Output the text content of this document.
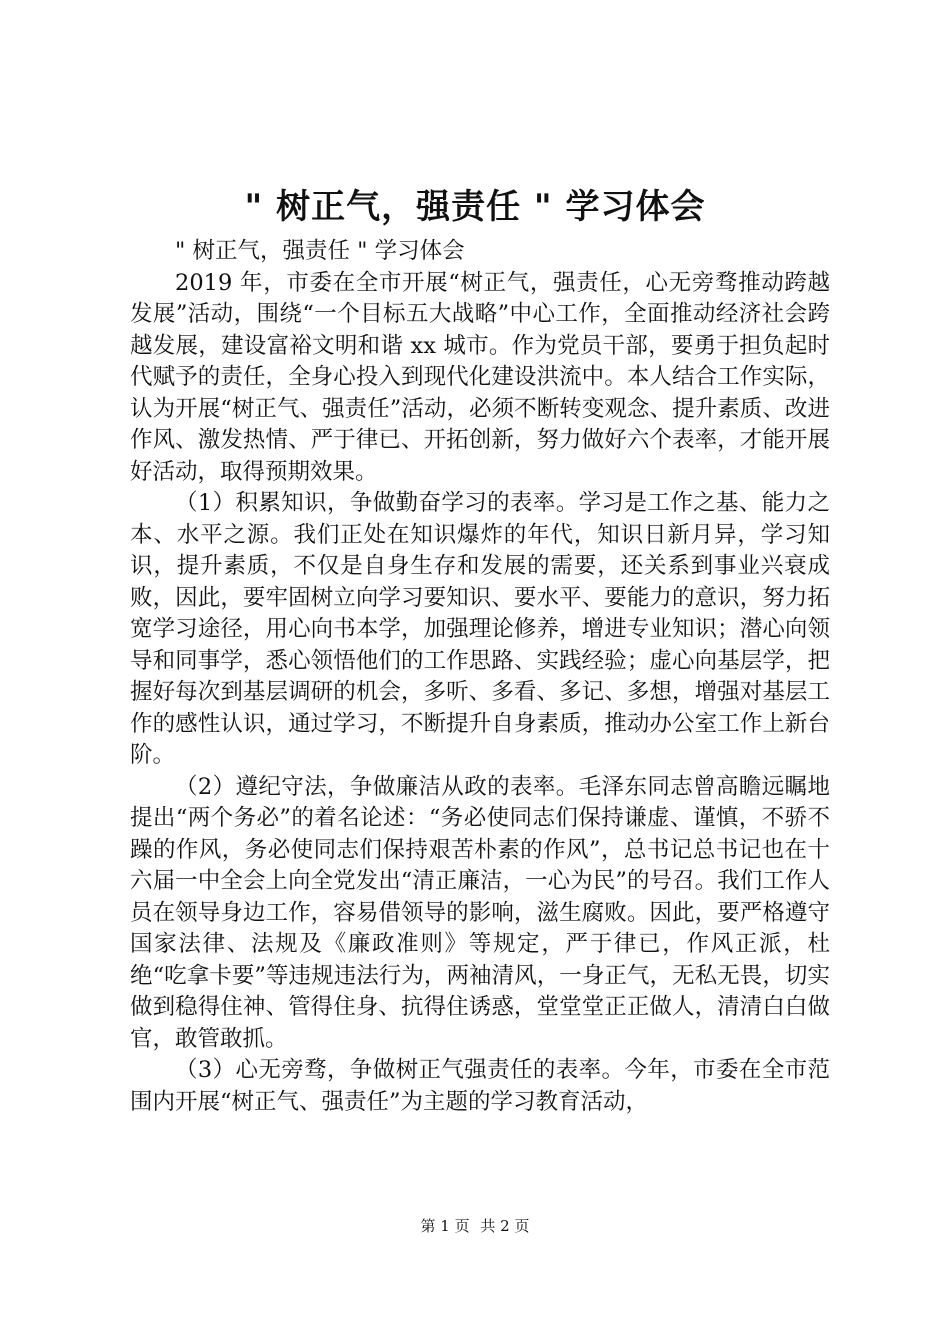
" 树正气，强责任 " 学习体会

" 树正气，强责任 " 学习体会

2019 年，市委在全市开展“树正气，强责任，心无旁骛推动跨越发展”活动，围绕“一个目标五大战略”中心工作，全面推动经济社会跨越发展，建设富裕文明和谐 xx 城市。作为党员干部，要勇于担负起时代赋予的责任，全身心投入到现代化建设洪流中。本人结合工作实际，认为开展“树正气、强责任”活动，必须不断转变观念、提升素质、改进作风、激发热情、严于律已、开拓创新，努力做好六个表率，才能开展好活动，取得预期效果。

（1）积累知识，争做勤奋学习的表率。学习是工作之基、能力之本、水平之源。我们正处在知识爆炸的年代，知识日新月异，学习知识，提升素质，不仅是自身生存和发展的需要，还关系到事业兴衰成败，因此，要牢固树立向学习要知识、要水平、要能力的意识，努力拓宽学习途径，用心向书本学，加强理论修养，增进专业知识；潜心向领导和同事学，悉心领悟他们的工作思路、实践经验；虚心向基层学，把握好每次到基层调研的机会，多听、多看、多记、多想，增强对基层工作的感性认识，通过学习，不断提升自身素质，推动办公室工作上新台阶。

（2）遵纪守法，争做廉洁从政的表率。毛泽东同志曾高瞻远瞩地提出“两个务必”的着名论述：“务必使同志们保持谦虚、谨慎，不骄不躁的作风，务必使同志们保持艰苦朴素的作风”，总书记总书记也在十六届一中全会上向全党发出“清正廉洁，一心为民”的号召。我们工作人员在领导身边工作，容易借领导的影响，滋生腐败。因此，要严格遵守国家法律、法规及《廉政准则》等规定，严于律已，作风正派，杜绝“吃拿卡要”等违规违法行为，两袖清风，一身正气，无私无畏，切实做到稳得住神、管得住身、抗得住诱惑，堂堂堂正正做人，清清白白做官，敢管敢抓。

（3）心无旁骛，争做树正气强责任的表率。今年，市委在全市范围内开展“树正气、强责任”为主题的学习教育活动，

第 1 页 共 2 页
